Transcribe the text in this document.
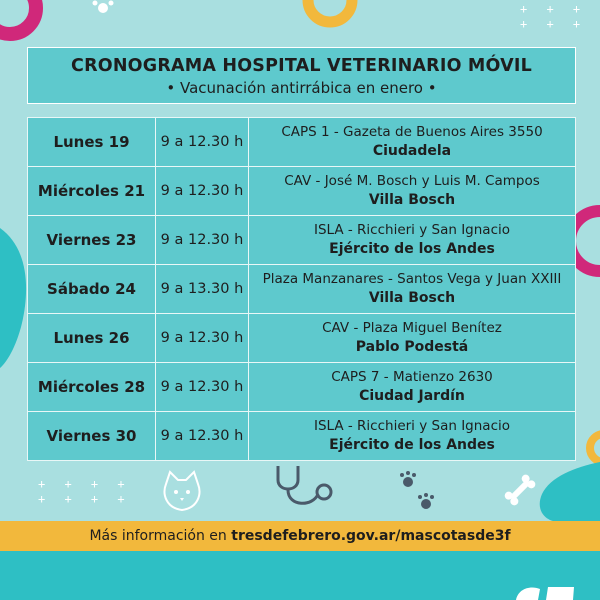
+ + +
+ + +
+ + + +
+ + + +
CRONOGRAMA HOSPITAL VETERINARIO MÓVIL
• Vacunación antirrábica en enero •
Lunes 19	9 a 12.30 h	CAPS 1 - Gazeta de Buenos Aires 3550
Ciudadela

Miércoles 21	9 a 12.30 h	CAV - José M. Bosch y Luis M. Campos
Villa Bosch

Viernes 23	9 a 12.30 h	ISLA - Ricchieri y San Ignacio
Ejército de los Andes

Sábado 24	9 a 13.30 h	Plaza Manzanares - Santos Vega y Juan XXIII
Villa Bosch

Lunes 26	9 a 12.30 h	CAV - Plaza Miguel Benítez
Pablo Podestá

Miércoles 28	9 a 12.30 h	CAPS 7 - Matienzo 2630
Ciudad Jardín

Viernes 30	9 a 12.30 h	ISLA - Ricchieri y San Ignacio
Ejército de los Andes
Más información en tresdefebrero.gov.ar/mascotasde3f
